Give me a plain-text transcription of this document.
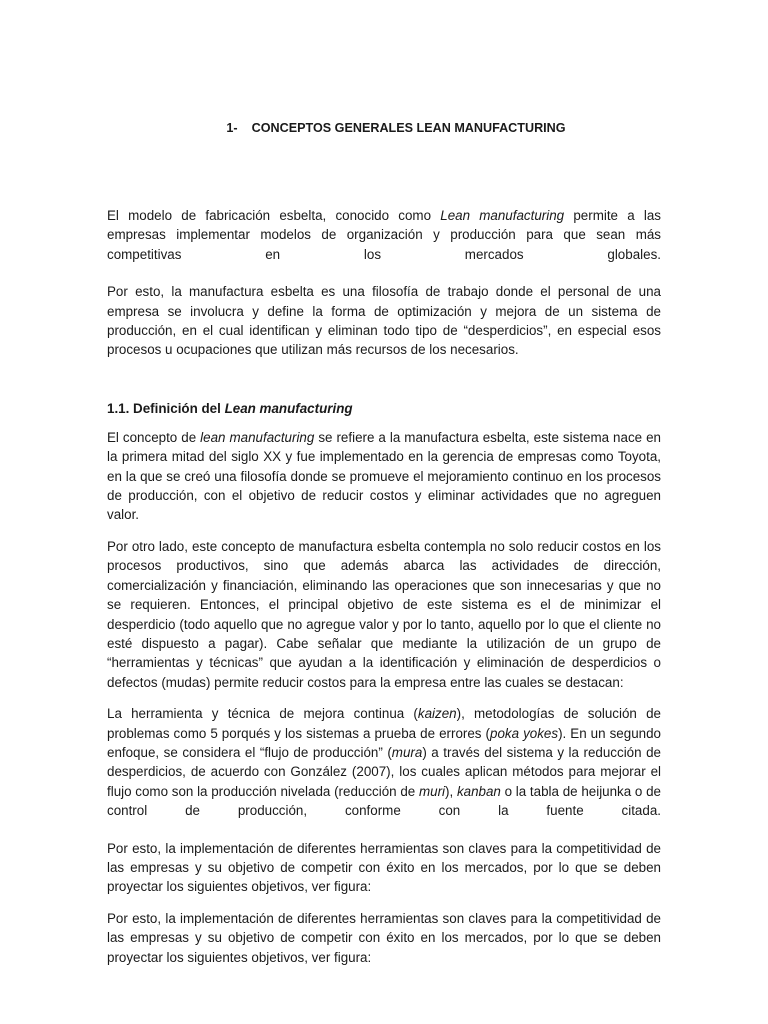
1- CONCEPTOS GENERALES LEAN MANUFACTURING

El modelo de fabricación esbelta, conocido como Lean manufacturing permite a las empresas implementar modelos de organización y producción para que sean más competitivas en los mercados globales.

Por esto, la manufactura esbelta es una filosofía de trabajo donde el personal de una empresa se involucra y define la forma de optimización y mejora de un sistema de producción, en el cual identifican y eliminan todo tipo de “desperdicios”, en especial esos procesos u ocupaciones que utilizan más recursos de los necesarios.

1.1. Definición del Lean manufacturing

El concepto de lean manufacturing se refiere a la manufactura esbelta, este sistema nace en la primera mitad del siglo XX y fue implementado en la gerencia de empresas como Toyota, en la que se creó una filosofía donde se promueve el mejoramiento continuo en los procesos de producción, con el objetivo de reducir costos y eliminar actividades que no agreguen valor.

Por otro lado, este concepto de manufactura esbelta contempla no solo reducir costos en los procesos productivos, sino que además abarca las actividades de dirección, comercialización y financiación, eliminando las operaciones que son innecesarias y que no se requieren. Entonces, el principal objetivo de este sistema es el de minimizar el desperdicio (todo aquello que no agregue valor y por lo tanto, aquello por lo que el cliente no esté dispuesto a pagar). Cabe señalar que mediante la utilización de un grupo de “herramientas y técnicas” que ayudan a la identificación y eliminación de desperdicios o defectos (mudas) permite reducir costos para la empresa entre las cuales se destacan:

La herramienta y técnica de mejora continua (kaizen), metodologías de solución de problemas como 5 porqués y los sistemas a prueba de errores (poka yokes). En un segundo enfoque, se considera el “flujo de producción” (mura) a través del sistema y la reducción de desperdicios, de acuerdo con González (2007), los cuales aplican métodos para mejorar el flujo como son la producción nivelada (reducción de muri), kanban o la tabla de heijunka o de control de producción, conforme con la fuente citada.

Por esto, la implementación de diferentes herramientas son claves para la competitividad de las empresas y su objetivo de competir con éxito en los mercados, por lo que se deben proyectar los siguientes objetivos, ver figura:

Por esto, la implementación de diferentes herramientas son claves para la competitividad de las empresas y su objetivo de competir con éxito en los mercados, por lo que se deben proyectar los siguientes objetivos, ver figura:
